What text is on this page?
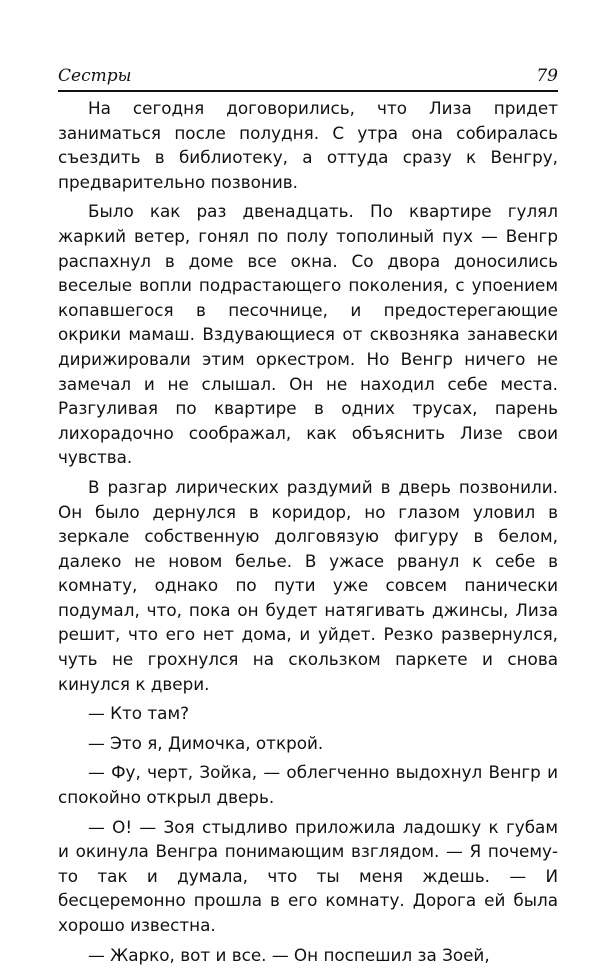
Сестры	79

На сегодня договорились, что Лиза придет заниматься после полудня. С утра она собиралась съездить в библиотеку, а оттуда сразу к Венгру, предварительно позвонив.

Было как раз двенадцать. По квартире гулял жаркий ветер, гонял по полу тополиный пух — Венгр распахнул в доме все окна. Со двора доносились веселые вопли подрастающего поколения, с упоением копавшегося в песочнице, и предостерегающие окрики мамаш. Вздувающиеся от сквозняка занавески дирижировали этим оркестром. Но Венгр ничего не замечал и не слышал. Он не находил себе места. Разгуливая по квартире в одних трусах, парень лихорадочно соображал, как объяснить Лизе свои чувства.

В разгар лирических раздумий в дверь позвонили. Он было дернулся в коридор, но глазом уловил в зеркале собственную долговязую фигуру в белом, далеко не новом белье. В ужасе рванул к себе в комнату, однако по пути уже совсем панически подумал, что, пока он будет натягивать джинсы, Лиза решит, что его нет дома, и уйдет. Резко развернулся, чуть не грохнулся на скользком паркете и снова кинулся к двери.

— Кто там?

— Это я, Димочка, открой.

— Фу, черт, Зойка, — облегченно выдохнул Венгр и спокойно открыл дверь.

— О! — Зоя стыдливо приложила ладошку к губам и окинула Венгра понимающим взглядом. — Я почему-то так и думала, что ты меня ждешь. — И бесцеремонно прошла в его комнату. Дорога ей была хорошо известна.

— Жарко, вот и все. — Он поспешил за Зоей,
